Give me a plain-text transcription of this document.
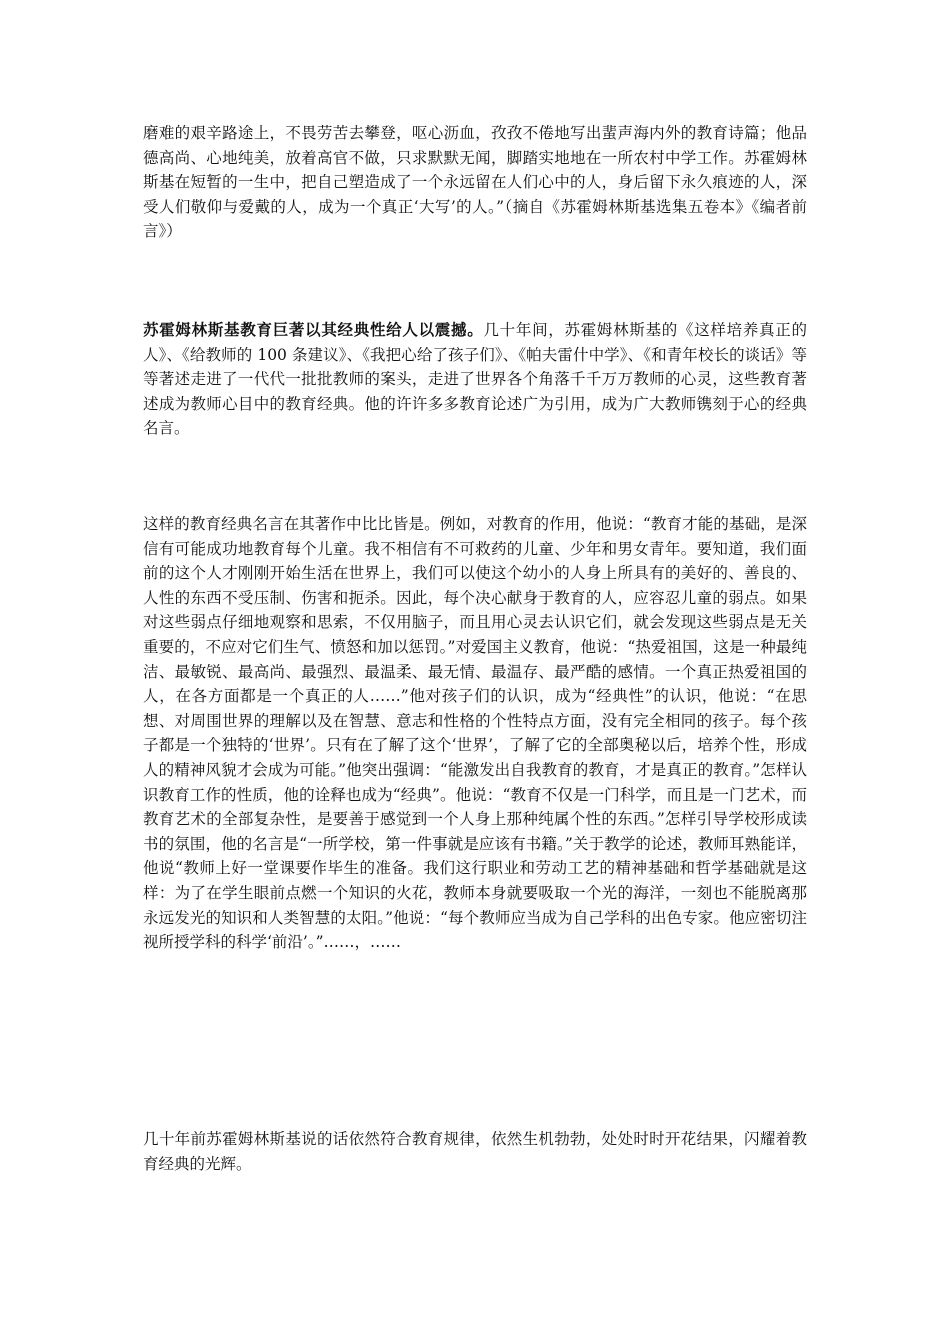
磨难的艰辛路途上，不畏劳苦去攀登，呕心沥血，孜孜不倦地写出蜚声海内外的教育诗篇；他品德高尚、心地纯美，放着高官不做，只求默默无闻，脚踏实地地在一所农村中学工作。苏霍姆林斯基在短暂的一生中，把自己塑造成了一个永远留在人们心中的人，身后留下永久痕迹的人，深受人们敬仰与爱戴的人，成为一个真正‘大写’的人。”（摘自《苏霍姆林斯基选集五卷本》《编者前言》）

苏霍姆林斯基教育巨著以其经典性给人以震撼。几十年间，苏霍姆林斯基的《这样培养真正的人》、《给教师的 100 条建议》、《我把心给了孩子们》、《帕夫雷什中学》、《和青年校长的谈话》等等著述走进了一代代一批批教师的案头，走进了世界各个角落千千万万教师的心灵，这些教育著述成为教师心目中的教育经典。他的许许多多教育论述广为引用，成为广大教师镌刻于心的经典名言。

这样的教育经典名言在其著作中比比皆是。例如，对教育的作用，他说：“教育才能的基础，是深信有可能成功地教育每个儿童。我不相信有不可救药的儿童、少年和男女青年。要知道，我们面前的这个人才刚刚开始生活在世界上，我们可以使这个幼小的人身上所具有的美好的、善良的、人性的东西不受压制、伤害和扼杀。因此，每个决心献身于教育的人，应容忍儿童的弱点。如果对这些弱点仔细地观察和思索，不仅用脑子，而且用心灵去认识它们，就会发现这些弱点是无关重要的，不应对它们生气、愤怒和加以惩罚。”对爱国主义教育，他说：“热爱祖国，这是一种最纯洁、最敏锐、最高尚、最强烈、最温柔、最无情、最温存、最严酷的感情。一个真正热爱祖国的人，在各方面都是一个真正的人……”他对孩子们的认识，成为“经典性”的认识，他说：“在思想、对周围世界的理解以及在智慧、意志和性格的个性特点方面，没有完全相同的孩子。每个孩子都是一个独特的‘世界’。只有在了解了这个‘世界’，了解了它的全部奥秘以后，培养个性，形成人的精神风貌才会成为可能。”他突出强调：“能激发出自我教育的教育，才是真正的教育。”怎样认识教育工作的性质，他的诠释也成为“经典”。他说：“教育不仅是一门科学，而且是一门艺术，而教育艺术的全部复杂性，是要善于感觉到一个人身上那种纯属个性的东西。”怎样引导学校形成读书的氛围，他的名言是“一所学校，第一件事就是应该有书籍。”关于教学的论述，教师耳熟能详，他说“教师上好一堂课要作毕生的准备。我们这行职业和劳动工艺的精神基础和哲学基础就是这样：为了在学生眼前点燃一个知识的火花，教师本身就要吸取一个光的海洋，一刻也不能脱离那永远发光的知识和人类智慧的太阳。”他说：“每个教师应当成为自己学科的出色专家。他应密切注视所授学科的科学‘前沿’。”……，……

几十年前苏霍姆林斯基说的话依然符合教育规律，依然生机勃勃，处处时时开花结果，闪耀着教育经典的光辉。
